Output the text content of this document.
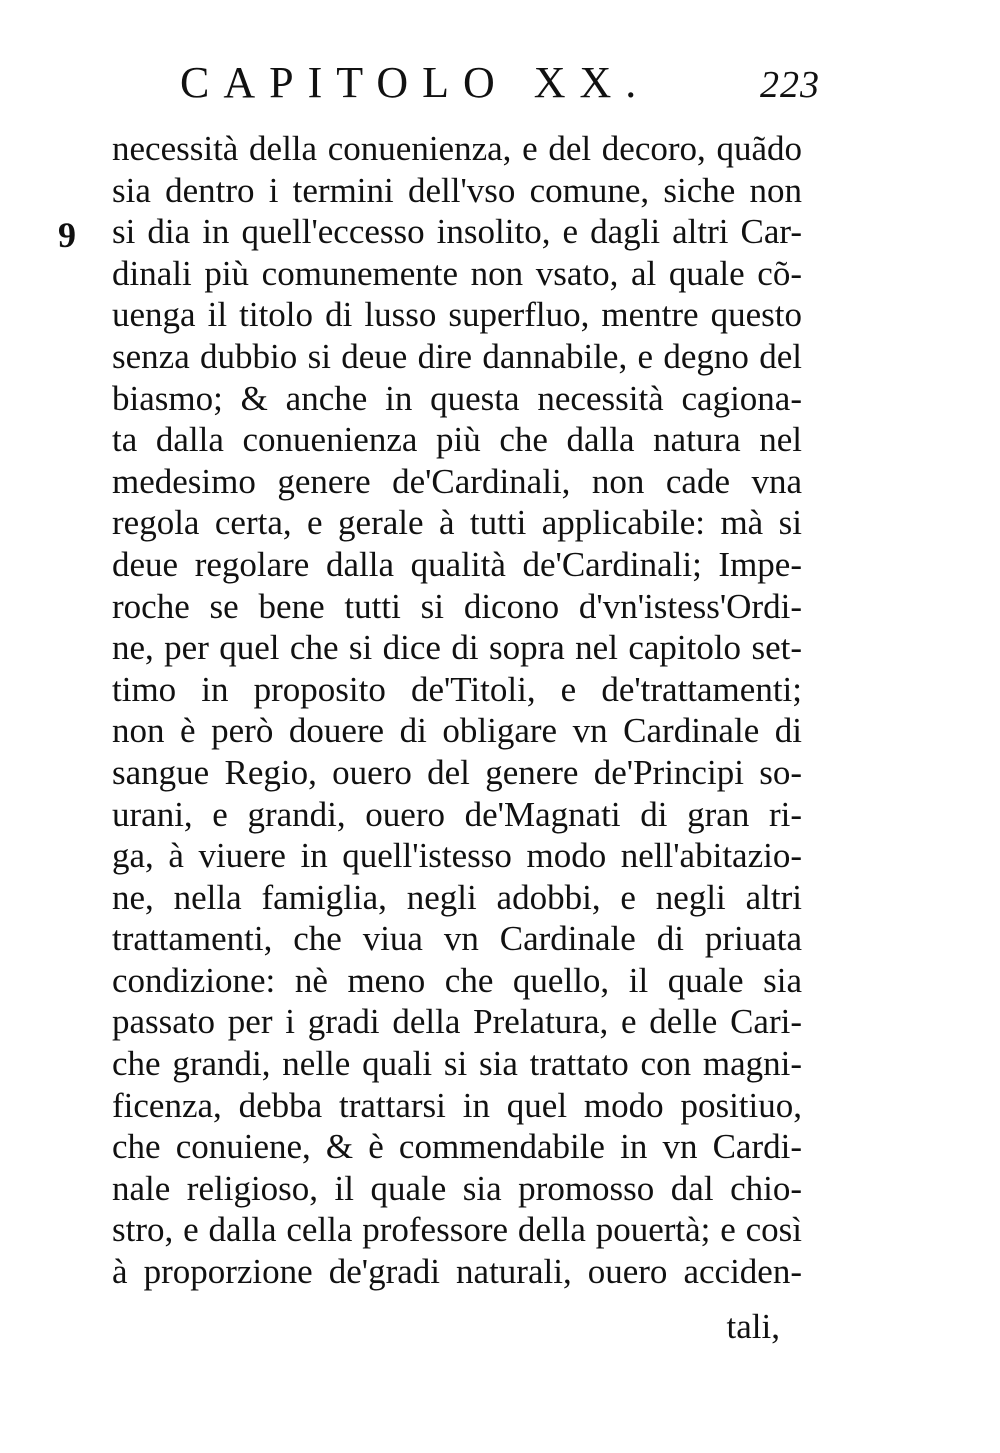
CAPITOLO XX.	223
9
necessità della conuenienza, e del decoro, quãdo
sia dentro i termini dell'vso comune, siche non
si dia in quell'eccesso insolito, e dagli altri Car-
dinali più comunemente non vsato, al quale cõ-
uenga il titolo di lusso superfluo, mentre questo
senza dubbio si deue dire dannabile, e degno del
biasmo; & anche in questa necessità cagiona-
ta dalla conuenienza più che dalla natura nel
medesimo genere de'Cardinali, non cade vna
regola certa, e gerale à tutti applicabile: mà si
deue regolare dalla qualità de'Cardinali; Impe-
roche se bene tutti si dicono d'vn'istess'Ordi-
ne, per quel che si dice di sopra nel capitolo set-
timo in proposito de'Titoli, e de'trattamenti;
non è però douere di obligare vn Cardinale di
sangue Regio, ouero del genere de'Principi so-
urani, e grandi, ouero de'Magnati di gran ri-
ga, à viuere in quell'istesso modo nell'abitazio-
ne, nella famiglia, negli adobbi, e negli altri
trattamenti, che viua vn Cardinale di priuata
condizione: nè meno che quello, il quale sia
passato per i gradi della Prelatura, e delle Cari-
che grandi, nelle quali si sia trattato con magni-
ficenza, debba trattarsi in quel modo positiuo,
che conuiene, & è commendabile in vn Cardi-
nale religioso, il quale sia promosso dal chio-
stro, e dalla cella professore della pouertà; e così
à proporzione de'gradi naturali, ouero acciden-
tali,
